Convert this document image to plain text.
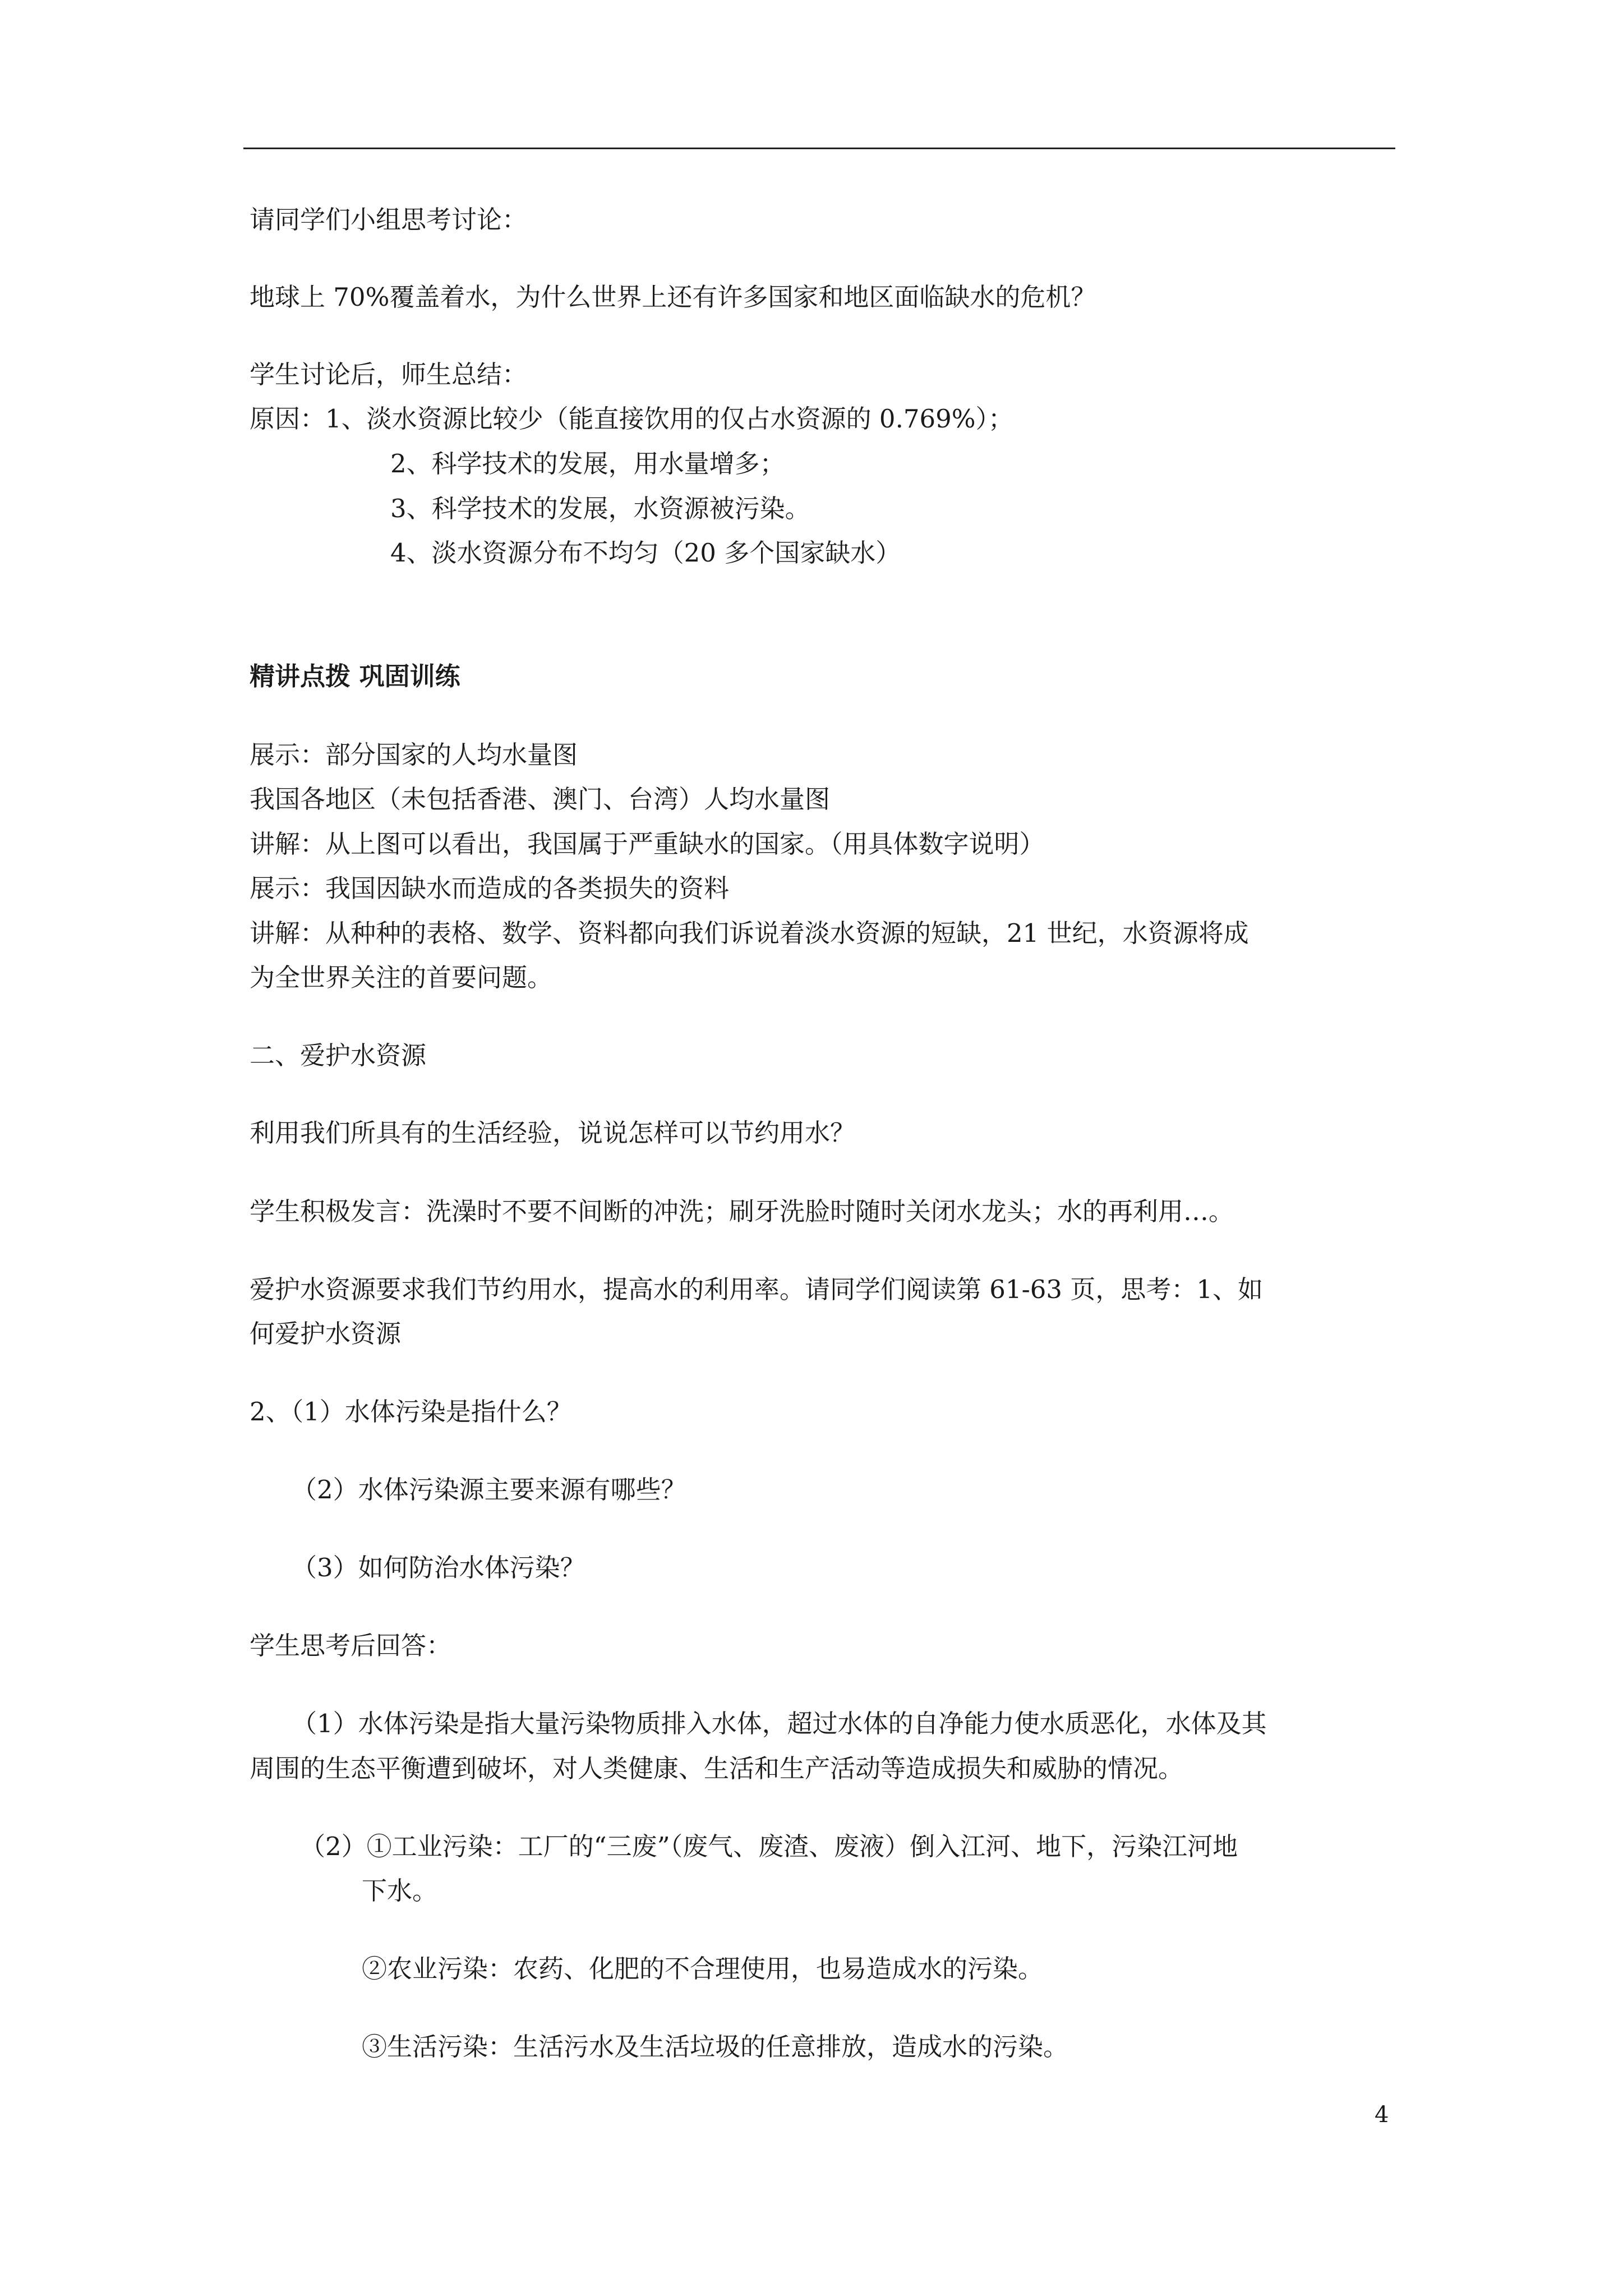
请同学们小组思考讨论：
地球上 70%覆盖着水，为什么世界上还有许多国家和地区面临缺水的危机？
学生讨论后，师生总结：
原因：1、淡水资源比较少（能直接饮用的仅占水资源的 0.769%）；
2、科学技术的发展，用水量增多；
3、科学技术的发展，水资源被污染。
4、淡水资源分布不均匀（20 多个国家缺水）
精讲点拨 巩固训练
展示：部分国家的人均水量图
我国各地区（未包括香港、澳门、台湾）人均水量图
讲解：从上图可以看出，我国属于严重缺水的国家。（用具体数字说明）
展示：我国因缺水而造成的各类损失的资料
讲解：从种种的表格、数学、资料都向我们诉说着淡水资源的短缺，21 世纪，水资源将成
为全世界关注的首要问题。
二、爱护水资源
利用我们所具有的生活经验，说说怎样可以节约用水？
学生积极发言：洗澡时不要不间断的冲洗；刷牙洗脸时随时关闭水龙头；水的再利用…。
爱护水资源要求我们节约用水，提高水的利用率。请同学们阅读第 61-63 页，思考：1、如
何爱护水资源
2、（1）水体污染是指什么？
（2）水体污染源主要来源有哪些？
（3）如何防治水体污染？
学生思考后回答：
（1）水体污染是指大量污染物质排入水体，超过水体的自净能力使水质恶化，水体及其
周围的生态平衡遭到破坏，对人类健康、生活和生产活动等造成损失和威胁的情况。
（2）①工业污染：工厂的“三废”（废气、废渣、废液）倒入江河、地下，污染江河地
下水。
②农业污染：农药、化肥的不合理使用，也易造成水的污染。
③生活污染：生活污水及生活垃圾的任意排放，造成水的污染。
4
